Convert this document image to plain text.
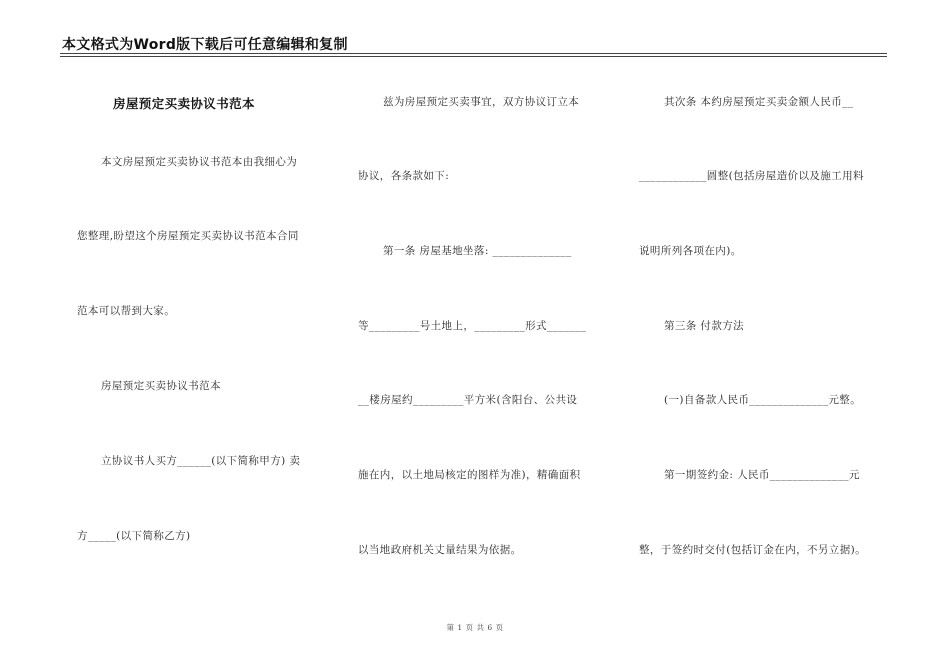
本文格式为Word版下载后可任意编辑和复制
房屋预定买卖协议书范本
本文房屋预定买卖协议书范本由我细心为
您整理,盼望这个房屋预定买卖协议书范本合同
范本可以帮到大家。
房屋预定买卖协议书范本
立协议书人买方______(以下简称甲方) 卖
方_____(以下简称乙方)
兹为房屋预定买卖事宜，双方协议订立本
协议，各条款如下:
第一条 房屋基地坐落: ______________
等_________号土地上，_________形式_______
__楼房屋约_________平方米(含阳台、公共设
施在内，以土地局核定的图样为准)，精确面积
以当地政府机关丈量结果为依据。
其次条 本约房屋预定买卖金额人民币__
____________圆整(包括房屋造价以及施工用料
说明所列各项在内)。
第三条 付款方法
(一)自备款人民币______________元整。
第一期签约金: 人民币______________元
整，于签约时交付(包括订金在内，不另立据)。
第 1 页 共 6 页
